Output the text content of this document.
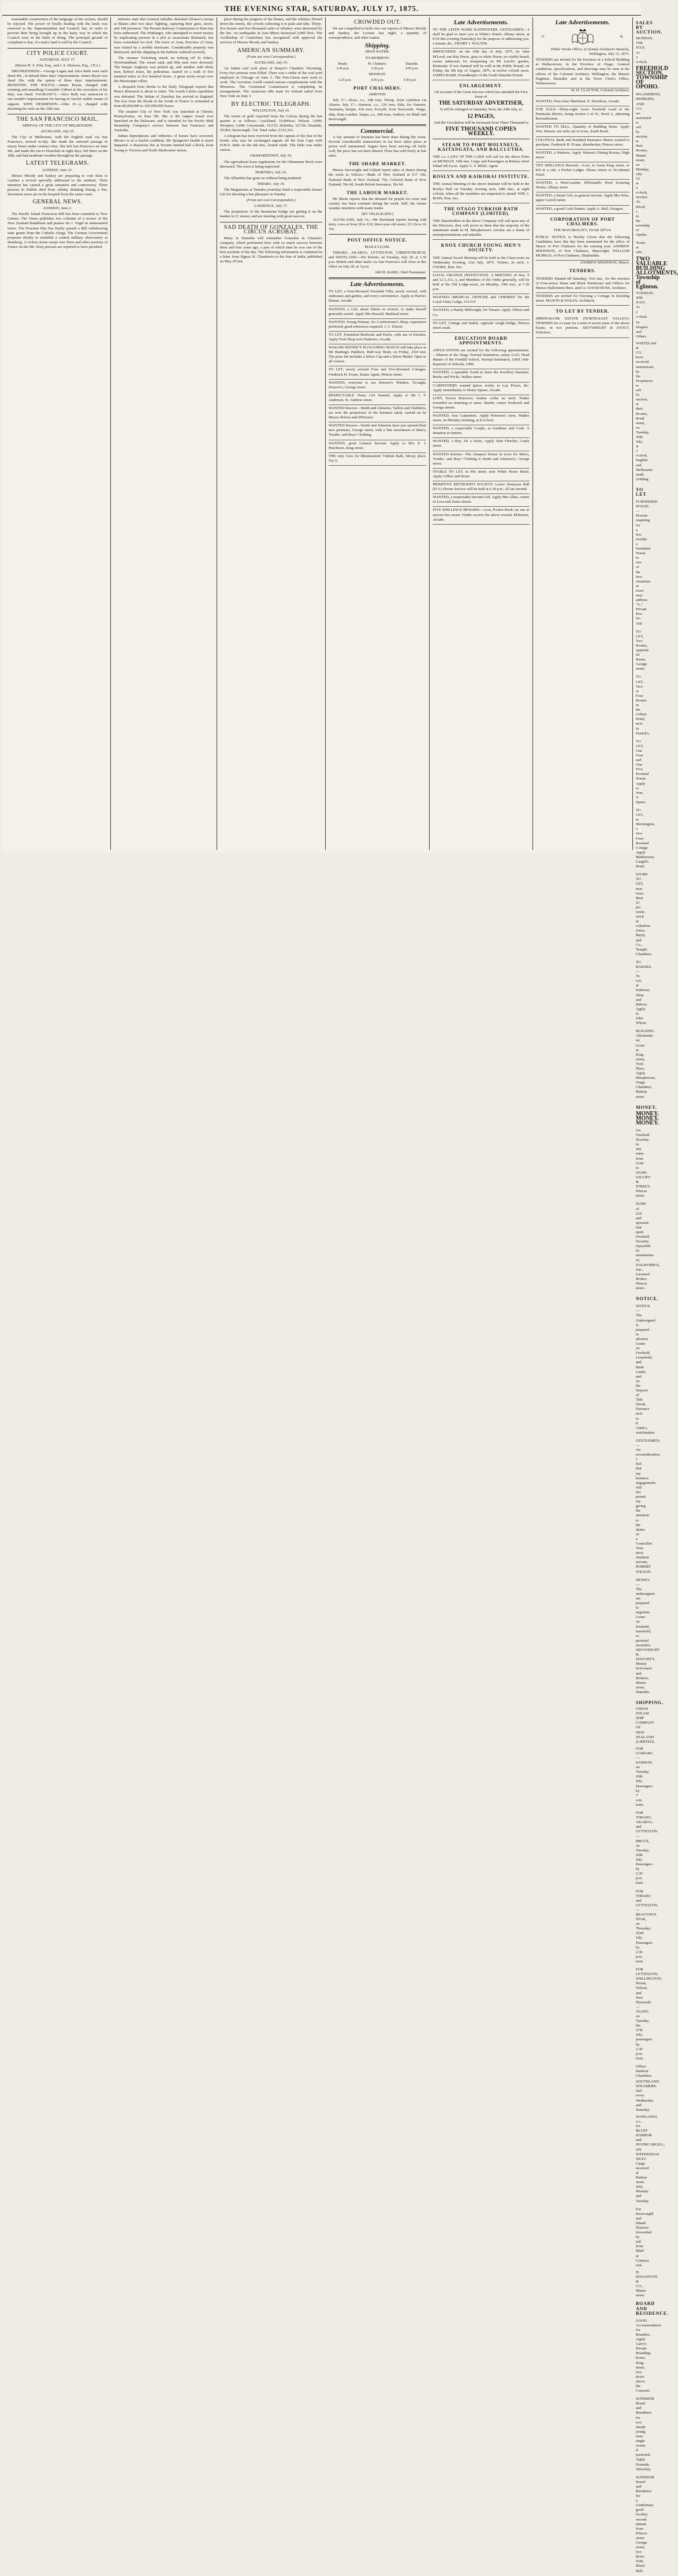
THE EVENING STAR, SATURDAY, JULY 17, 1875.

reasonable construction of the language of the section, should be rejected. The power of finally dealing with the lands was reserved to the Superintendent and Council; but, in order to prevent their being brought up in the hasty way in which the Council were in the habit of doing. The principal ground of complaint is that, if a man's land is sold by the Council...

CITY POLICE COURT.
SATURDAY, JULY 17.
(Before H. S. Fish, Esq., and J. S. Hickson, Esq., J.P.'s.)

DRUNKENNESS.—George Logan and Alice Ruth were each fined 40s., in default three days' imprisonment. James Bryan was fined 20s, with the option of three days' imprisonment. RESISTING THE POLICE.—James Bryan, charged with resisting and assaulting Constable Gilbert in the execution of his duty, was fined. VAGRANCY.—Alice Ruth was sentenced to one month's imprisonment for having no lawful visible means of support. WIFE DESERTION.—John D—y, charged with deserting his wife on the 16th inst.

THE SAN FRANCISCO MAIL.
ARRIVAL OF THE CITY OF MELBOURNE.
AUCKLAND, July 16.

The City of Melbourne, with the English mail via San Francisco, arrived to-day. She made the outward passage in ninety hours under contract time. She left San Francisco on June 9th, and made the run to Honolulu in eight days; left there on the 18th, and had moderate weather throughout the passage.

LATEST TELEGRAMS.
LONDON, June 21.

Messrs Moody and Sankey are preparing to visit Eton to conduct a revival specially addressed to the students. Their intention has caused a great sensation and controversy. Three persons in Dublin died from whisky drinking during a fire. Seventeen more are in the hospital from the same cause.

GENERAL NEWS.
LONDON, June 2.

The Pacific Island Protection Bill has been extended to New Guinea. The Times publishes two columns of a review of the New Zealand Handbook and praises Sir J. Vogel in unmeasured terms. The Prussian Diet has finally passed a Bill withdrawing state grants from the Catholic clergy. The German Government proposes shortly to establish a central military observatory at Hamburg. A violent storm swept over Paris and other portions of France on the 9th. Sixty persons are reported to have perished.

ministre state that General Saballes defeated Alfonso's troops at Blanes after two days' fighting, capturing their guns, stores, and 140 prisoners. The Persian Railway Commission to Paris has been authorised. The Winkinger, who attempted to extort money by implicating persons in a plot to assassinate Bismarck, has been committed for trial. The town of Aran, Province of Oran, was visited by a terrible hurricane. Considerable property was destroyed, and the shipping in the harbour suffered severely.

The steamer Vicksburg struck an iceberg off St John's, Newfoundland. The vessel sank, and fifty men were drowned. The barque Anglesey was picked up, and another with thirty men. Robert Jones, the pedestrian, started on a walk of five hundred miles in five hundred hours. A great storm swept over the Mississippi valley.

A despatch from Berlin to the Daily Telegraph reports that Prince Bismarck is about to retire. The fourth Carlist expedition was defeated. The Sultan of Zanzibar has arrived in England. The loss from the floods in the South of France is estimated at from 80,000,000 to 100,000,000 francs.

The steamer City of New York was launched at Chester, Pennsylvania, on June 5th. She is the largest vessel ever launched on the Delaware, and is intended for the Pacific Mail Steamship Company's service between San Francisco and Australia.

Indian depredations and robberies of horses have occurred. Mexico is in a fearful condition. Mr Spurgeon's health is much impaired. A disastrous fire at Toronto burned half a block, from Young to Victoria and North Sherbourne streets.

place during the progress of the flames, and the whiskey flowed down the streets, the crowds collecting it in pails and tubs. Thirty-five houses and five thousand casks of whiskey were destroyed by the fire. An earthquake in Asia Minor destroyed 2,000 lives. The Archbishop of Canterbury has recognised with approval the services of Messrs Moody and Sankey.

AMERICAN SUMMARY.
(From our own Correspondent.)
AUCKLAND, July 16.

An Indian raid took place at Harper's Chamber, Wyoming. Forty-five persons were killed. There was a strike of the coal yard employés in Chicago on June 3. The Non-Union men went to work. The Governor Axtell caused serious complications with the Mormons. The Centennial Commission is completing its arrangements. The American rifle team for Ireland sailed from New York on June 3.

BY ELECTRIC TELEGRAPH.
WELLINGTON, July 16.

The return of gold exported from the Colony during the last quarter is as follows:—Auckland, 10,800ozs; Nelson, 3,000; Westport, 5,400; Greymouth, 10,533; Hokitika, 10,726; Dunedin, 29,003; Invercargill, 724. Total value, £312,316.

A telegram has been received from the captain of the Star of the South, who says he exchanged signals off the East Cape with H.M.S. Dido on the 6th inst., bound south. The Dido was under canvas.

GRAHAMSTOWN, July 16.

The agricultural lease regulations for the Ohinemuri block were discussed. The town is being improved.

HOKITIKA, July 16.

The Alhambra has gone on without being tendered.

TIMARU, July 16.

The Magistrates at Temuka yesterday fined a respectable farmer £20 for shooting a hen pheasant on Sunday.

(From our own Correspondent.)
LAWRENCE, July 17.

The proprietors of the Beaumont bridge are getting it on the market in £1 shares, and are meeting with great success.

SAD DEATH OF GONZALES, THE CIRCUS ACROBAT.

Many in Dunedin will remember Gonzales in Chiarini's company, which performed here with so much success between three and four years ago, a part of which time he was one of the best acrobats of the day. The following information is contained in a letter from Signor St. Chamberio to the Star of India, published on May 29 last.

CROWDED OUT.

We are compelled to hold over our reports of Messrs Moody and Sankey, the Lecture last night, a quantity of correspondence, and other matter.

Shipping.
HIGH WATER.
TO-MORROW.
Heads.	Pt. Chalmers.	Dunedin.
2.40 p.m.	3.20 p.m.	4.05 p.m.
MONDAY.
3.25 p.m.	4.05 p.m.	4.50 p.m.
PORT CHALMERS.
ARRIVED.

July 17.—Rose, s.s., 108 tons, Worsp, from Lyttelton via Akaroa. July 17.—Samson, s.s., 124 tons, Edie, for Oamaru. Tasmania, barque, 436 tons, Forsyth, from Newcastle. Otago, ship, from London. Taupo, s.s., 460 tons, Andrew, for Bluff and Invercargill.

Commercial.

A fair amount of business has been done during the week. Several considerable transactions in tea have taken place at prices well maintained. Sugars have been moving off fairly well, the price has not been altered. Flour has sold freely at late rates.

THE SHARE MARKET.

Messrs Sievwright and Gillard report sales of shares during the week as follows:—Bank of New Zealand at £17 18s; National Bank of New Zealand, 70s; Colonial Bank of New Zealand, 39s 6d; South British Insurance, 36s 6d.

THE LABOUR MARKET.

Mr Skene reports that the demand for people for town and country has been constant during the week. Still, the winter weather interferes with many trades.

[BY TELEGRAPH.]

AUCKLAND, July 16.—Mr Buckland reports having sold dairy cows at from £8 to £10; three-year-old steers, £5 10s to £6 10s.

POST OFFICE NOTICE.
MAILS CLOSE.

TIMARU, AKAROA, LYTTELTON, CHRISTCHURCH, and WESTLAND.—Per Rotoiti, on Tuesday, July 20, at 1.30 p.m. British and other mails via San Francisco will close at this office on July 28, at 3 p.m.

ARCH. BARR, Chief Postmaster.
Late Advertisements.
TO LET, a Four-Roomed Verandah Villa, newly erected, with outhouses and garden, and every convenience. Apply at Harris's Bazaar, Arcade.
WANTED, a Girl, about fifteen or sixteen, to make herself generally useful. Apply Mrs Russell, Maitland street.
WANTED, Young Woman, for Confectioner's Shop; experience preferred; good references required. J. C. Kitson.
TO LET, Furnished Bedroom and Parlor, with use of Kitchen. Apply Fruit Shop next Hudson's, Arcade.
WAKARI DISTRICT PLOUGHING MATCH will take place in Mr Bunting's Paddock, Half-way Bush, on Friday, 23rd inst. The prize list includes a Silver Cup and a Silver Medal. Open to all comers.
TO LET, newly erected Four and Five-Roomed Cottages. Frederick H. Evans, Estate Agent, Princes street.
WANTED, everyone to see Dreaver's Window. To-night. Dreaver's, George street.
RESPECTABLE Nurse Girl Wanted. Apply to Mr J. F. Anderson, St. Andrew street.
WANTED Known—Smith and Johnston, Tailors and Outfitters, are now the proprietors of the business lately carried on by Messrs Bolton and M'Kenzie.
WANTED Known—Smith and Johnston have just opened their new premises, George street, with a fine assortment of Men's, Youths', and Boys' Clothing.
WANTED, good General Servant. Apply to Mrs E. J. Hutchison, King street.
THE only Cure for Rheumatism! Turkish Bath, Moray place. Try it.
Late Advertisements.
TO THE LEITH WARD RATEPAYERS. GENTLEMEN,—I shall be glad to meet you at White's Hotels Albany street, at 8.30 this evening (Saturday) for the purpose of addressing you. I remain, &c., HENRY J. WALTER.
IMPOUNDED, on the 16th day of July, 1875, by John M'Leod, one Bay Horse, grey or white Horse; no visible brand; owner unknown; for trespassing on Mr Leech's garden, Peninsula. If not claimed will be sold at the Public Pound, on Friday, the 6th day of August, 1875, at twelve o'clock noon. JAMES BARR, Poundkeeper of the South Dunedin Pound.
ENLARGEMENT.
On account of the Great Success which has attended the First Issue of
THE SATURDAY ADVERTISER,
It will be enlarged on Saturday Next, the 24th July, to
12 PAGES,
And the Circulation will be increased from Three Thousand to
FIVE THOUSAND COPIES WEEKLY.
STEAM TO PORT MOLYNEUX, KAITANGATA, AND BALCLUTHA.
THE s.s. LADY OF THE LAKE will sail for the above Ports on MONDAY, 19th inst. Cargo and Passengers at Rattray street Wharf till 4 p.m. Apply G. F. REID, Agent.
ROSLYN AND KAIKORAI INSTITUTE.
THE Annual Meeting of the above Institute will be held in the Roslyn Hall on Tuesday evening next, 20th inst., at eight o'clock, when all the members are requested to attend. WM. J. ROSS, Hon. Sec.
THE OTAGO TURKISH BATH COMPANY (LIMITED).
THE Shareholders in the above Company will call upon any of the Directors, they will prove to them that the majority of the statements made in M. Macpherson's circular are a tissue of misrepresentations and untruths.
KNOX CHURCH YOUNG MEN'S SOCIETY.
THE Annual Social Meeting will be held in the Class-room on Wednesday Evening, 21st July, 1875. Tickets, 2s each. J. COOKE, Hon. Sec.
LOYAL ORANGE INSTITUTION. A MEETING of Nos. 9 and 12 L.O.L.'s, and Members of the Order generally, will be held at the Old Lodge-room, on Monday, 19th inst., at 7.30 p.m.
WANTED—MEDICAL OFFICER and CHEMIST for the Loyal Unity Lodge, I.O.O.F.
WANTED, a Handy Millwright, for Timaru. Apply Officer and Co.
TO LET, Cottage and Stable, opposite weigh bridge, Princes street south.
EDUCATION BOARD APPOINTMENTS.
APPLICATIONS are invited for the following appointments:—Matron of the Otago Normal Institution, salary £125; Head Master of the Fernhill School, Normal Institution, £450; Sub-Inspector of Schools, £400.
WANTED, a reputable Youth to learn the Jewellery business. Bezby and Wicks, Walker street.
CARPENTERS wanted (piece work), to Lay Floors, &c. Apply immediately to Henry Spears, Arcade.
LOST, brown Retriever, leather collar on neck. Finder rewarded on returning to same. Martin, corner Frederick and George streets.
WANTED, four Carpenters. Apply Peterson's store, Walker street, on Monday morning, at 8 o'clock.
WANTED, a respectable Couple, as Gardener and Cook. A situation at Station.
WANTED, a Boy, for a Dairy. Apply John Fletcher, Castle street.
WANTED Known—The cheapest House in town for Men's, Youths', and Boys' Clothing is Smith and Johnston's, George street.
STABLE TO LET, in Pitt street, near White Horse Hotel. Apply Gillies and Street.
PRIMITIVE METHODIST SOCIETY. Lower Tennyson Hall (D.V.) Divine Service will be held at 6.30 p.m. All are invited.
WANTED, a respectable Servant Girl. Apply Mrs Allen, corner of Leva and Jones streets.
FIVE SHILLINGS REWARD.—Lost, Pocket Book; no use to anyone but owner. Finder receive the above reward. M'Kenzie, Arcade.
Late Advertisements.
V.	R.
Public Works Office, (Colonial Architect's Branch), Wellington, July 15, 1875.
TENDERS are invited for the Erection of a School Building at Wallacetown, in the Province of Otago. General conditions, specifications, and drawings may be seen at the offices of the Colonial Architect, Wellington; the District Engineer, Dunedin; and at the Town Clerk's Office, Wallacetown.
W. H. CLAYTON, Colonial Architect.
WANTED, First-class Machinist. E. Davidson, Arcade.
FOR SALE—Thirty-eight Acres Freehold Land in the Peninsula district, being section 2 of 41, block 2, adjoining Ravensbourne.
WANTED TO SELL, Quantity of Building Stone. Apply Wm. Bissett, one mile out of town, South Road.
COLONIAL Bank and Standard Insurance Shares wanted to purchase. Frederick H. Evans, sharebroker, Princes street.
WANTED, a Waitress. Apply Watson's Dining Rooms, High street.
TEN SHILLINGS Reward.—Lost, in Great King street, or left in a cab, a Pocket Ledger. Please return to Occidental Hotel.
WANTED, a Wool-washer. M'Donald's Wool Scouring Works, Albany street.
WANTED, a Smart Girl, as general servant. Apply Mrs Wise, upper Carroll street.
WANTED, a good Cook Painter. Apply A. Hall, Octagon.
CORPORATION OF PORT CHALMERS.
THE MAYORALITY, YEAR 1875-6.
PUBLIC NOTICE is Hereby Given that the following Candidates have this day been nominated for the office of Mayor of Port Chalmers for the ensuing year. ANDREW M'KINNON, of Port Chalmers, Shipwright. WILLIAM MURRAY, of Port Chalmers, Shipbuilder.
ANDREW M'KINNON, Mayor.
TENDERS.
TENDERS Wanted till Saturday, 31st inst., for the erection of Four-storey Stone and Brick Warehouse and Offices for Messrs Hallenstein Bros. and Co. DAVID ROSS, Architect.
TENDERS are invited for Erecting a Cottage in Dowling street. MASON & WALES, Architects.
TO LET BY TENDER.
SPRINGBANK ESTATE (NORTH-EAST VALLEY). TENDERS for a Lease for a term of seven years of the above Estate, in two portions. SIEVWRIGHT & STOUT, Solicitors.
SALES BY AUCTION.
MONDAY, 19th JULY, At 2 o'clock.
FREEHOLD SECTION, TOWNSHIP OF OPOHO.
M'LANDRESS, HEPBURN, AND CO. are instructed to sell by auction, at their Rooms, Manse street, on Monday, July 19, at 2 o'clock, Section 34, Block 1, in the township of Opoho.
Terms at sale.
TWO VALUABLE BUILDING ALLOTMENTS, Township of Eglinton.
TUESDAY, 20th JULY, At 2 o'clock.
To Drapers and Others.
WHITELAW & CO. have received instructions by the Proprietors to sell by auction, at their Rooms, Bond street, on Tuesday, 20th July, at 2 o'clock, English and Melbourne made clothing.
TO LET
FURNISHED HOUSE.—Persons requiring for a few months a furnished House in one of the best situations in town may address "S.," Private Box No 168.
TO LET, Two Rooms, opposite Dr Burns, George street.
TO LET, Two or Four Rooms in the Gilbert Hotel, next St Patrick's.
TO LET, One Four and One Five Roomed House. Apply to Wm. Y. Spiers.
TO LET, at Mornington, a nice Four-Roomed Cottage. Apply Mathewson, Cargill's Road.
STORE TO LET, near town. Rent £1 per week; stock at valuation. Jones, Bayly, and Co., Temple Chambers.
TO BAKERS.—To Let, at Kaikorai, Shop and Bakery. Apply to John Whyte.
BUILDING Allotments on Lease at King street, York Place. Apply Macpherson, Otago Chambers, Rattray street.
MONEY.
MONEY. MONEY. MONEY.
On Freehold Security, in any sums from £100 to £4,000. GILLIES & STREET, Princes street.
SUMS of £20 and upwards lent upon Freehold Security, repayable by instalments. W. DALRYMPLE, Jun., Licensed Broker, Princes street.
NOTICE.
NOTICE.—The Undersigned is prepared to advance Loans on Freehold, Leasehold, and Bank Lands, and on the Deposit of Title Deeds. Entrance next to P. Adair's, watchmaker.
GENTLEMEN,—On reconsideration, I feel that my business engagements will not permit my giving the attention to the duties of a Councillor. Your most obedient servant, ROBERT WILSON.
MONEY.—The undersigned are prepared to negotiate Loans on freehold, leasehold, or personal securities. SIEVWRIGHT & DOUGHTY, Money Scriveners and Brokers, Manse street, Dunedin.
SHIPPING.
UNION STEAM SHIP COMPANY OF NEW ZEALAND (LIMITED).
FOR OAMARU.—SAMSON, on Tuesday, 20th July. Passengers by 7 a.m. train.
FOR TIMARU, AKAROA, and LYTTELTON.—BRUCE, on Tuesday, 20th July. Passengers by 2.30 p.m. train.
FOR TIMARU and LYTTELTON.—BEAUTIFUL STAR, on Thursday, 22nd July. Passengers by 2.30 p.m. train.
FOR LYTTELTON, WELLINGTON, Picton, Nelson, and New Plymouth.—TAUPO, on Tuesday, the 27th July, passengers by 2.30 p.m. train.
Office: Harbour Chambers.
SOUTHLAND STEAMERS. Sail every Wednesday and Saturday.
WANGANUI, s.s., for BLUFF HARBOR and INVERCARGILL, ON WEDNESDAY NEXT. Cargo received at Rattray street Jetty Monday and Tuesday.
For Invercargill and Inland Districts forwarded by rail from Bluff at Contract risk.
H. HOUGHTON & CO., Manse street.
BOARD AND RESIDENCE.
GOOD Accommodation for Boarders. Apply Larry's Private Boarding-house, King street, two doors above the Crescent.
SUPERIOR Board and Residence for two steady young men; single rooms if preferred. Apply Fernside, Waverley.
SUPERIOR Board and Residence for a Gentleman; good locality; second minute from Princes street. George street, two doors from Black Bull.
